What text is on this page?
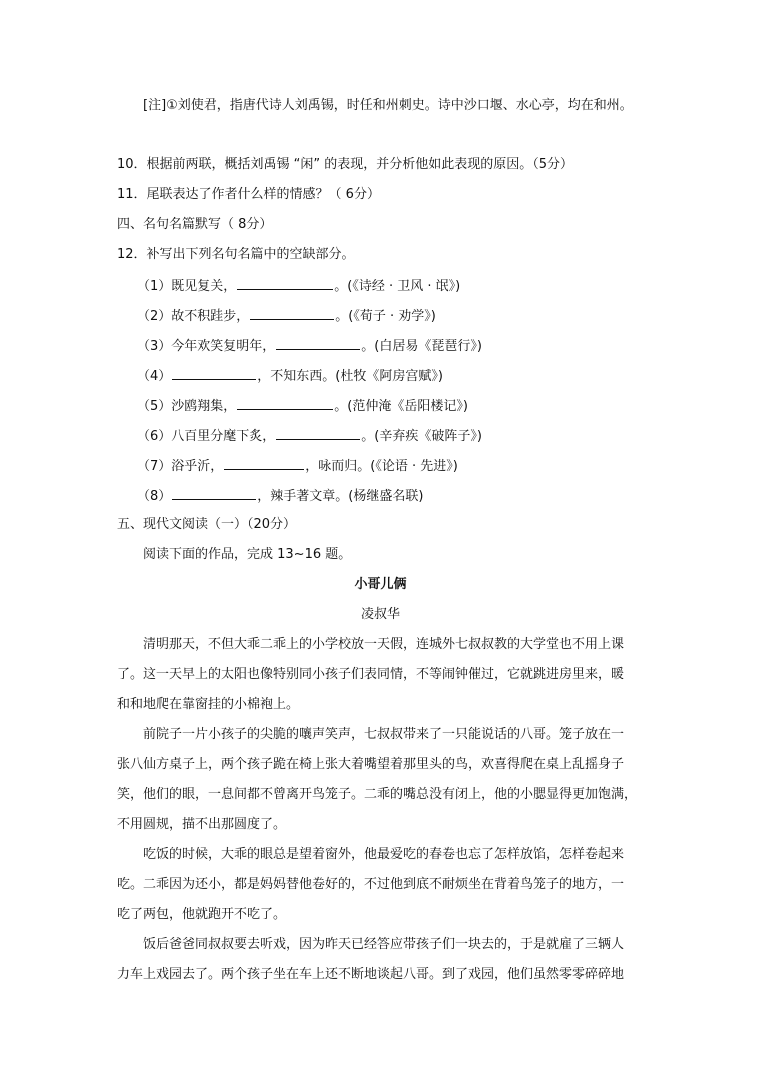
[注]①刘使君，指唐代诗人刘禹锡，时任和州刺史。诗中沙口堰、水心亭，均在和州。
10．根据前两联，概括刘禹锡 “闲” 的表现，并分析他如此表现的原因。（5分）
11．尾联表达了作者什么样的情感？（ 6分）
四、名句名篇默写（ 8分）
12．补写出下列名句名篇中的空缺部分。
（1）既见复关，	。(《诗经 · 卫风 · 氓》)
（2）故不积跬步，	。(《荀子 · 劝学》)
（3）今年欢笑复明年，	。(白居易《琵琶行》)
（4）	，不知东西。(杜牧《阿房宫赋》)
（5）沙鸥翔集，	。(范仲淹《岳阳楼记》)
（6）八百里分麾下炙，	。(辛弃疾《破阵子》)
（7）浴乎沂，	，咏而归。(《论语 · 先进》)
（8）	，辣手著文章。(杨继盛名联)
五、现代文阅读（一）（20分）
阅读下面的作品，完成 13~16 题。
小哥儿俩
凌叔华
清明那天，不但大乖二乖上的小学校放一天假，连城外七叔叔教的大学堂也不用上课
了。这一天早上的太阳也像特别同小孩子们表同情，不等闹钟催过，它就跳进房里来，暖
和和地爬在靠窗挂的小棉袍上。
前院子一片小孩子的尖脆的嚷声笑声，七叔叔带来了一只能说话的八哥。笼子放在一
张八仙方桌子上，两个孩子跪在椅上张大着嘴望着那里头的鸟，欢喜得爬在桌上乱摇身子
笑，他们的眼，一息间都不曾离开鸟笼子。二乖的嘴总没有闭上，他的小腮显得更加饱满，
不用圆规，描不出那圆度了。
吃饭的时候，大乖的眼总是望着窗外，他最爱吃的春卷也忘了怎样放馅，怎样卷起来
吃。二乖因为还小，都是妈妈替他卷好的，不过他到底不耐烦坐在背着鸟笼子的地方，一
吃了两包，他就跑开不吃了。
饭后爸爸同叔叔要去听戏，因为昨天已经答应带孩子们一块去的，于是就雇了三辆人
力车上戏园去了。两个孩子坐在车上还不断地谈起八哥。到了戏园，他们虽然零零碎碎地
